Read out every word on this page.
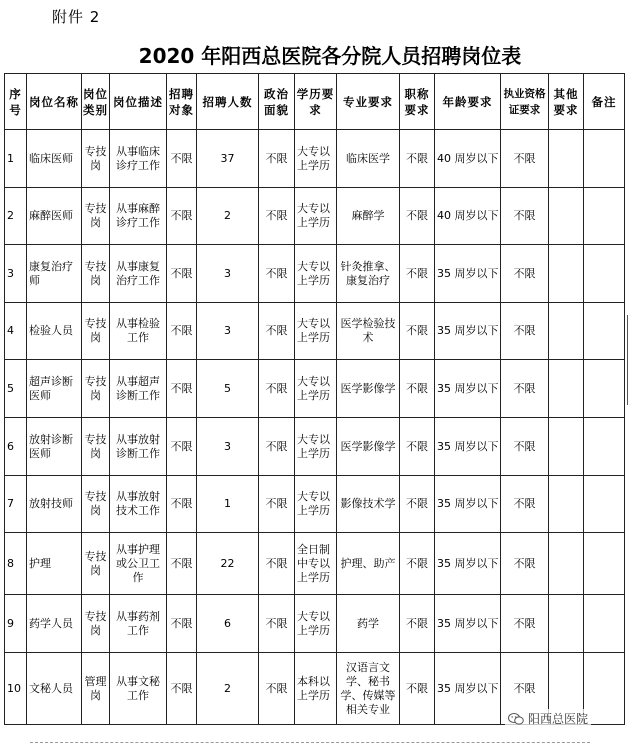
附件 2
2020 年阳西总医院各分院人员招聘岗位表
序号	岗位名称	岗位类别	岗位描述	招聘对象	招聘人数	政治面貌	学历要求	专业要求	职称要求	年龄要求	执业资格证要求	其他要求	备注
1	临床医师	专技岗	从事临床诊疗工作	不限	37	不限	大专以上学历	临床医学	不限	40 周岁以下	不限		
2	麻醉医师	专技岗	从事麻醉诊疗工作	不限	2	不限	大专以上学历	麻醉学	不限	40 周岁以下	不限		
3	康复治疗师	专技岗	从事康复治疗工作	不限	3	不限	大专以上学历	针灸推拿、康复治疗	不限	35 周岁以下	不限		
4	检验人员	专技岗	从事检验工作	不限	3	不限	大专以上学历	医学检验技术	不限	35 周岁以下	不限		
5	超声诊断医师	专技岗	从事超声诊断工作	不限	5	不限	大专以上学历	医学影像学	不限	35 周岁以下	不限		
6	放射诊断医师	专技岗	从事放射诊断工作	不限	3	不限	大专以上学历	医学影像学	不限	35 周岁以下	不限		
7	放射技师	专技岗	从事放射技术工作	不限	1	不限	大专以上学历	影像技术学	不限	35 周岁以下	不限		
8	护理	专技岗	从事护理或公卫工作	不限	22	不限	全日制中专以上学历	护理、助产	不限	35 周岁以下	不限		
9	药学人员	专技岗	从事药剂工作	不限	6	不限	大专以上学历	药学	不限	35 周岁以下	不限		
10	文秘人员	管理岗	从事文秘工作	不限	2	不限	本科以上学历	汉语言文学、秘书学、传媒等相关专业	不限	35 周岁以下	不限		
阳西总医院
